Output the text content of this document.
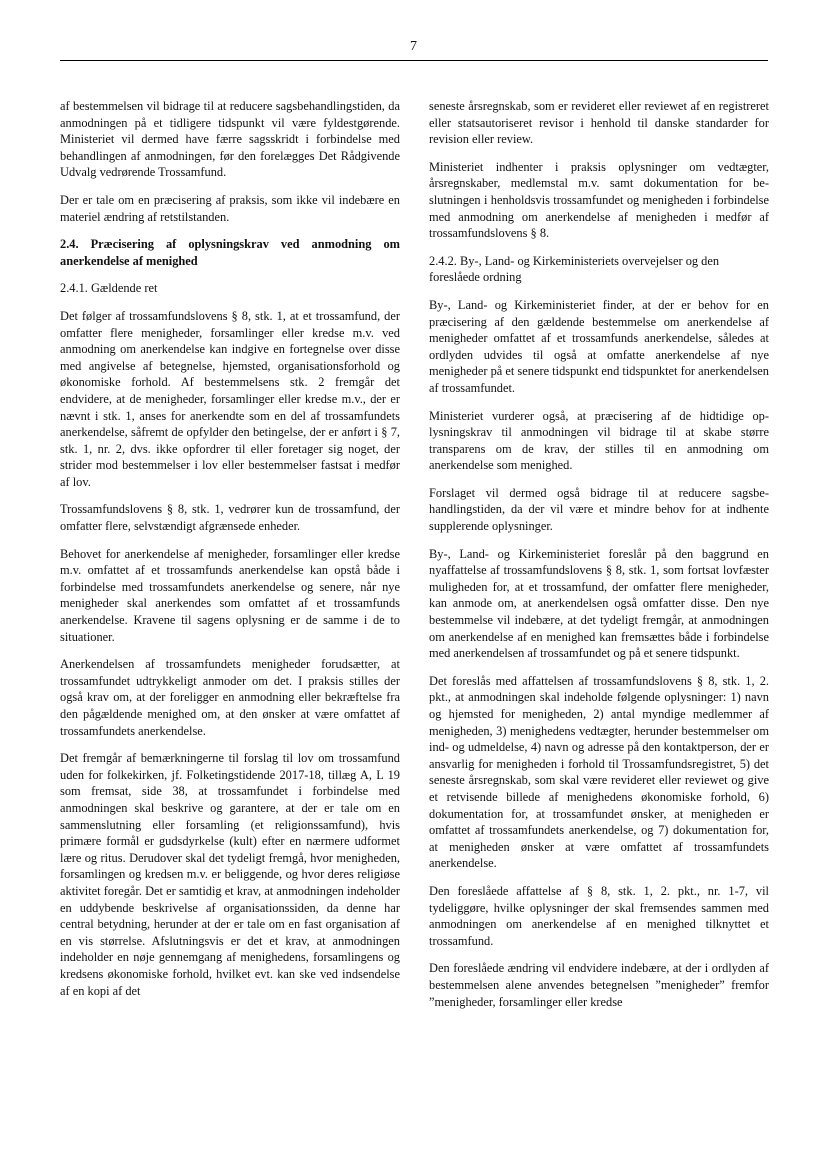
7

af bestemmelsen vil bidrage til at reducere sagsbehandlingstiden, da anmodningen på et tidligere tidspunkt vil være fyldestgørende. Ministeriet vil dermed have færre sagsskridt i forbindelse med behandlingen af anmodningen, før den forelægges Det Rådgivende Udvalg vedrørende Trossamfund.

Der er tale om en præcisering af praksis, som ikke vil indebære en materiel ændring af retstilstanden.

2.4. Præcisering af oplysningskrav ved anmodning om anerkendelse af menighed
2.4.1. Gældende ret

Det følger af trossamfundslovens § 8, stk. 1, at et trossamfund, der omfatter flere menigheder, forsamlinger eller kredse m.v. ved anmodning om anerkendelse kan indgive en fortegnelse over disse med angivelse af betegnelse, hjemsted, organisationsforhold og økonomiske forhold. Af bestemmelsens stk. 2 fremgår det endvidere, at de menigheder, forsamlinger eller kredse m.v., der er nævnt i stk. 1, anses for anerkendte som en del af trossamfundets anerkendelse, såfremt de opfylder den betingelse, der er anført i § 7, stk. 1, nr. 2, dvs. ikke opfordrer til eller foretager sig noget, der strider mod bestemmelser i lov eller bestemmelser fastsat i medfør af lov.

Trossamfundslovens § 8, stk. 1, vedrører kun de trossamfund, der omfatter flere, selvstændigt afgrænsede enheder.

Behovet for anerkendelse af menigheder, forsamlinger eller kredse m.v. omfattet af et trossamfunds anerkendelse kan opstå både i forbindelse med trossamfundets anerkendelse og senere, når nye menigheder skal anerkendes som omfattet af et trossamfunds anerkendelse. Kravene til sagens oplysning er de samme i de to situationer.

Anerkendelsen af trossamfundets menigheder forudsætter, at trossamfundet udtrykkeligt anmoder om det. I praksis stilles der også krav om, at der foreligger en anmodning eller bekræftelse fra den pågældende menighed om, at den ønsker at være omfattet af trossamfundets anerkendelse.

Det fremgår af bemærkningerne til forslag til lov om trossamfund uden for folkekirken, jf. Folketingstidende 2017-18, tillæg A, L 19 som fremsat, side 38, at trossamfundet i forbindelse med anmodningen skal beskrive og garantere, at der er tale om en sammenslutning eller forsamling (et religionssamfund), hvis primære formål er gudsdyrkelse (kult) efter en nærmere udformet lære og ritus. Derudover skal det tydeligt fremgå, hvor menigheden, forsamlingen og kredsen m.v. er beliggende, og hvor deres religiøse aktivitet foregår. Det er samtidig et krav, at anmodningen indeholder en uddybende beskrivelse af organisationssiden, da denne har central betydning, herunder at der er tale om en fast organisation af en vis størrelse. Afslutningsvis er det et krav, at anmodningen indeholder en nøje gennemgang af menighedens, forsamlingens og kredsens økonomiske forhold, hvilket evt. kan ske ved indsendelse af en kopi af det

seneste årsregnskab, som er revideret eller reviewet af en registreret eller statsautoriseret revisor i henhold til danske standarder for revision eller review.

Ministeriet indhenter i praksis oplysninger om vedtægter, årsregnskaber, medlemstal m.v. samt dokumentation for beslutningen i henholdsvis trossamfundet og menigheden i forbindelse med anmodning om anerkendelse af menigheden i medfør af trossamfundslovens § 8.

2.4.2. By-, Land- og Kirkeministeriets overvejelser og den foreslåede ordning

By-, Land- og Kirkeministeriet finder, at der er behov for en præcisering af den gældende bestemmelse om anerkendelse af menigheder omfattet af et trossamfunds anerkendelse, således at ordlyden udvides til også at omfatte anerkendelse af nye menigheder på et senere tidspunkt end tidspunktet for anerkendelsen af trossamfundet.

Ministeriet vurderer også, at præcisering af de hidtidige oplysningskrav til anmodningen vil bidrage til at skabe større transparens om de krav, der stilles til en anmodning om anerkendelse som menighed.

Forslaget vil dermed også bidrage til at reducere sagsbehandlingstiden, da der vil være et mindre behov for at indhente supplerende oplysninger.

By-, Land- og Kirkeministeriet foreslår på den baggrund en nyaffattelse af trossamfundslovens § 8, stk. 1, som fortsat lovfæster muligheden for, at et trossamfund, der omfatter flere menigheder, kan anmode om, at anerkendelsen også omfatter disse. Den nye bestemmelse vil indebære, at det tydeligt fremgår, at anmodningen om anerkendelse af en menighed kan fremsættes både i forbindelse med anerkendelsen af trossamfundet og på et senere tidspunkt.

Det foreslås med affattelsen af trossamfundslovens § 8, stk. 1, 2. pkt., at anmodningen skal indeholde følgende oplysninger: 1) navn og hjemsted for menigheden, 2) antal myndige medlemmer af menigheden, 3) menighedens vedtægter, herunder bestemmelser om ind- og udmeldelse, 4) navn og adresse på den kontaktperson, der er ansvarlig for menigheden i forhold til Trossamfundsregistret, 5) det seneste årsregnskab, som skal være revideret eller reviewet og give et retvisende billede af menighedens økonomiske forhold, 6) dokumentation for, at trossamfundet ønsker, at menigheden er omfattet af trossamfundets anerkendelse, og 7) dokumentation for, at menigheden ønsker at være omfattet af trossamfundets anerkendelse.

Den foreslåede affattelse af § 8, stk. 1, 2. pkt., nr. 1-7, vil tydeliggøre, hvilke oplysninger der skal fremsendes sammen med anmodningen om anerkendelse af en menighed tilknyttet et trossamfund.

Den foreslåede ændring vil endvidere indebære, at der i ordlyden af bestemmelsen alene anvendes betegnelsen ”menigheder” fremfor ”menigheder, forsamlinger eller kredse
